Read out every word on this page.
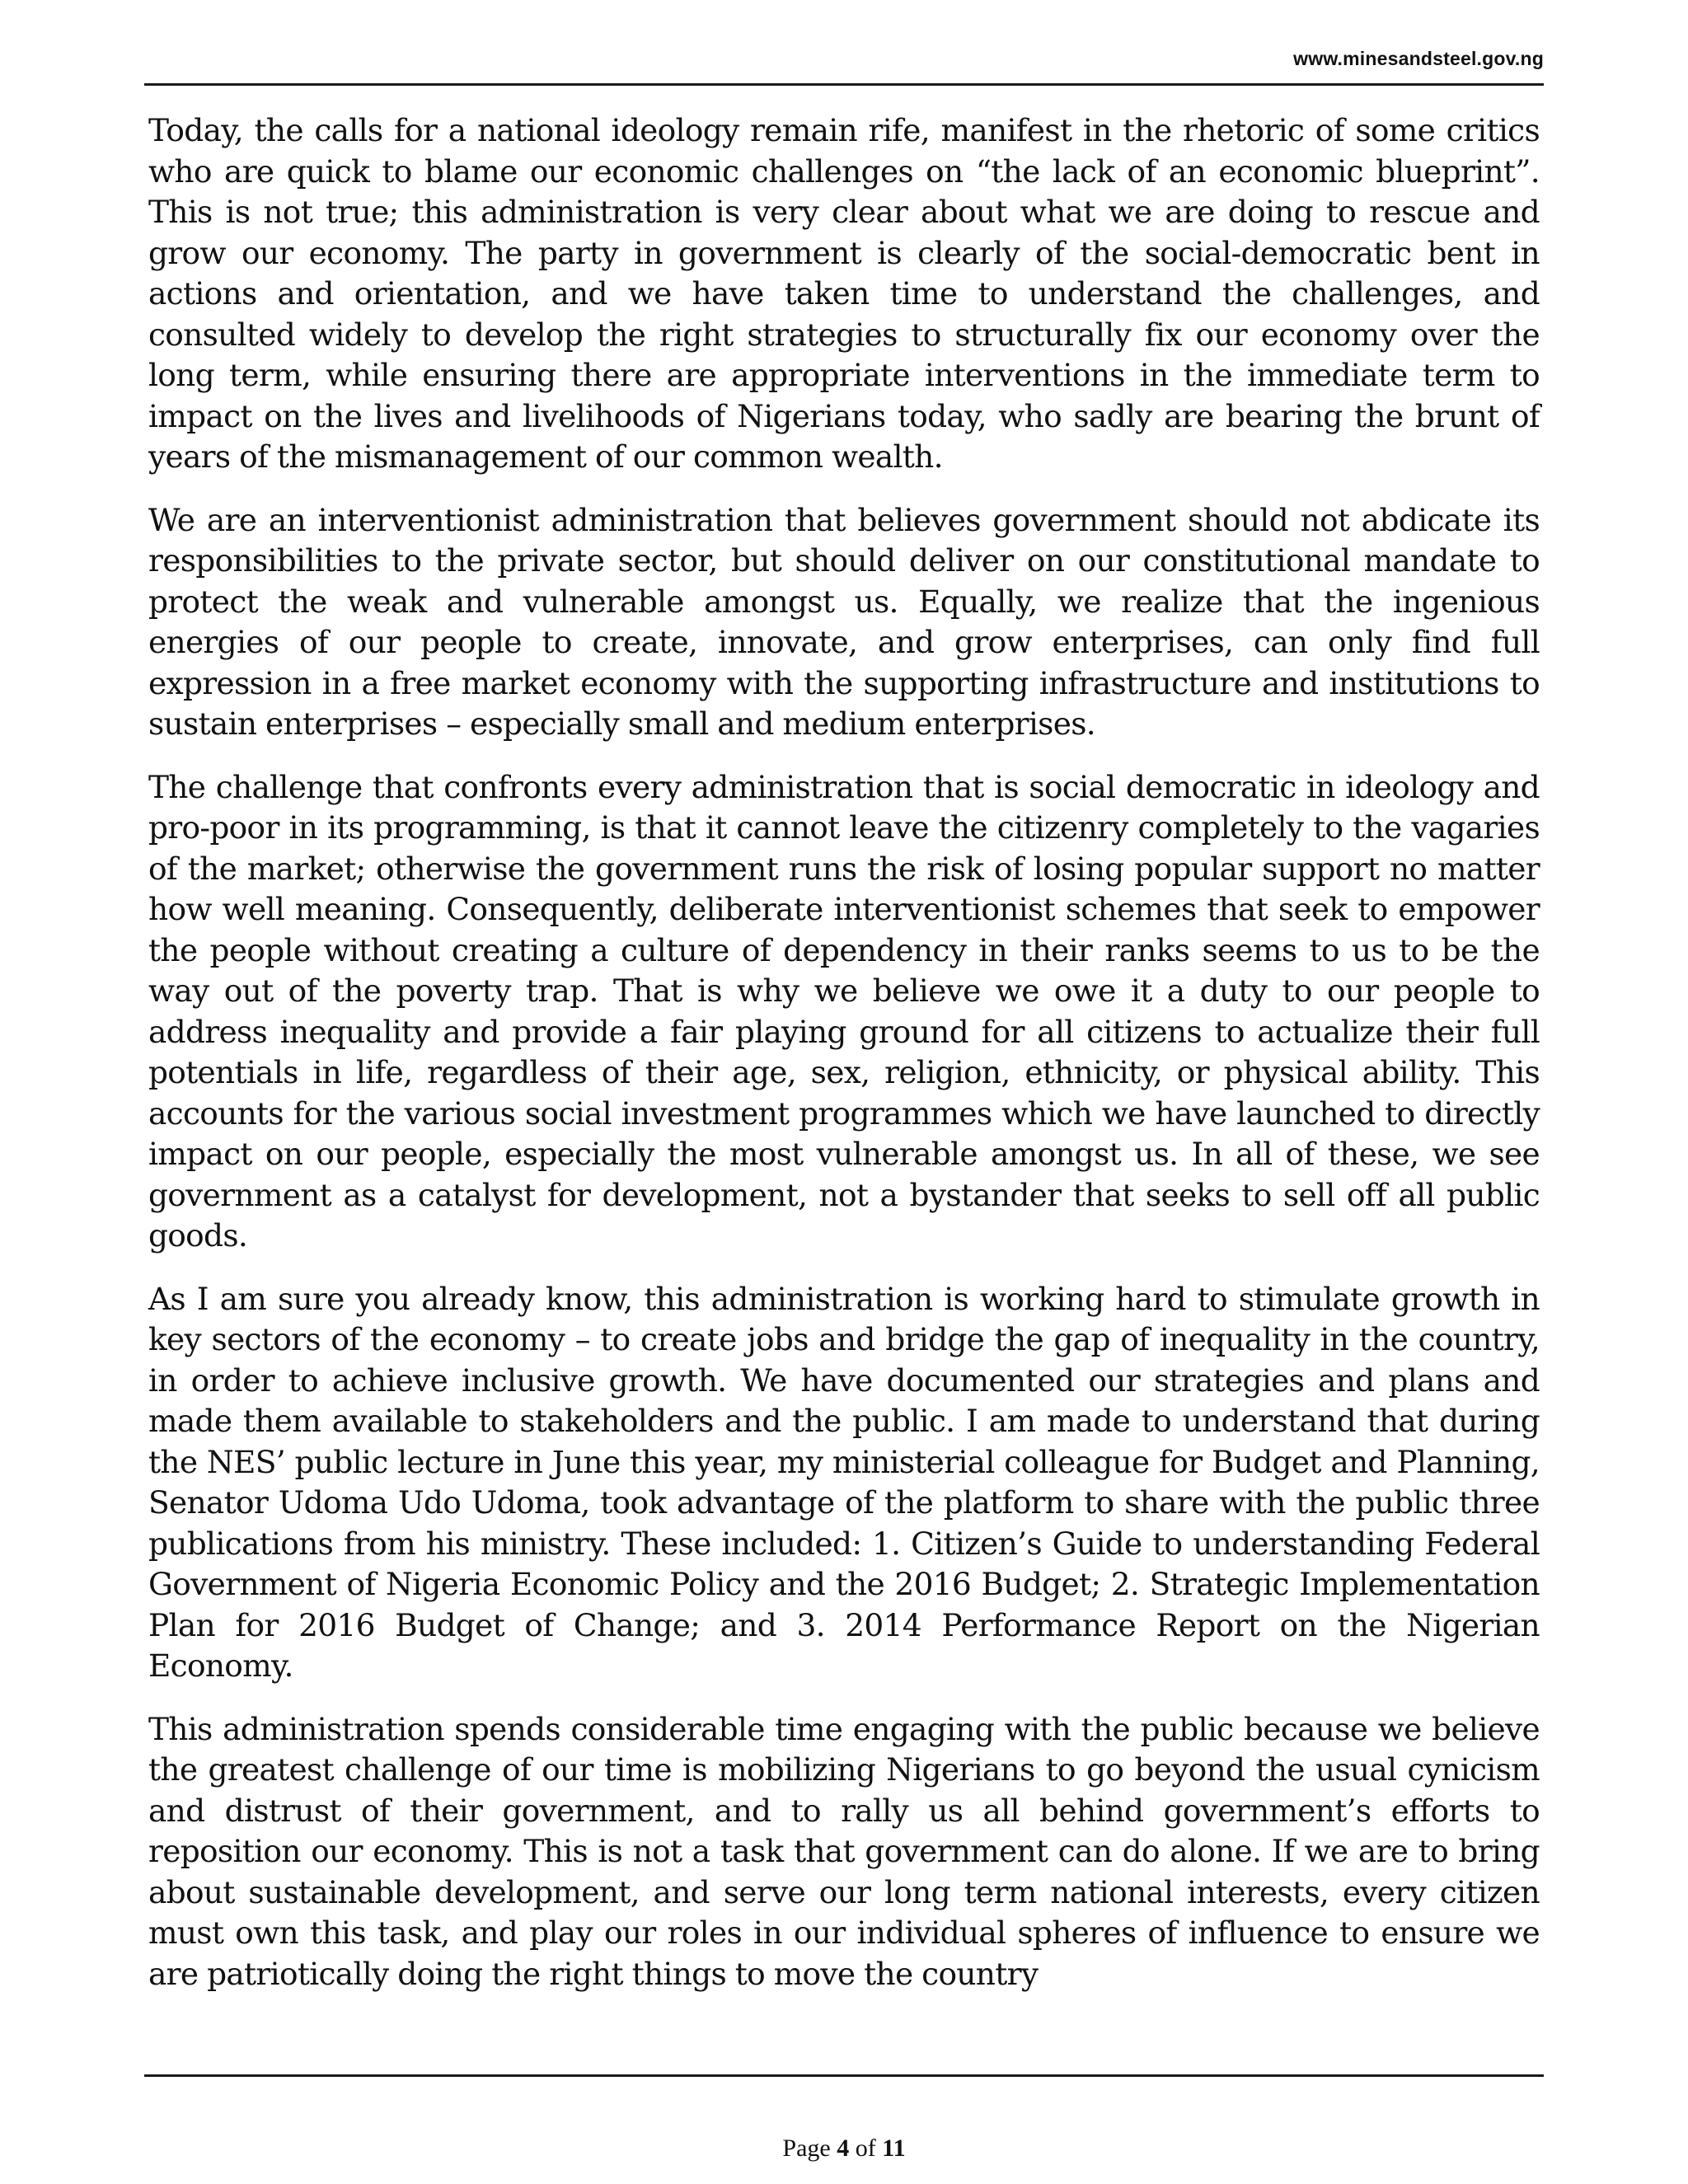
www.minesandsteel.gov.ng

Today, the calls for a national ideology remain rife, manifest in the rhetoric of some critics who are quick to blame our economic challenges on “the lack of an economic blueprint”. This is not true; this administration is very clear about what we are doing to rescue and grow our economy. The party in government is clearly of the social-democratic bent in actions and orientation, and we have taken time to understand the challenges, and consulted widely to develop the right strategies to structurally fix our economy over the long term, while ensuring there are appropriate interventions in the immediate term to impact on the lives and livelihoods of Nigerians today, who sadly are bearing the brunt of years of the mismanagement of our common wealth.

We are an interventionist administration that believes government should not abdicate its responsibilities to the private sector, but should deliver on our constitutional mandate to protect the weak and vulnerable amongst us. Equally, we realize that the ingenious energies of our people to create, innovate, and grow enterprises, can only find full expression in a free market economy with the supporting infrastructure and institutions to sustain enterprises – especially small and medium enterprises.

The challenge that confronts every administration that is social democratic in ideology and pro-poor in its programming, is that it cannot leave the citizenry completely to the vagaries of the market; otherwise the government runs the risk of losing popular support no matter how well meaning. Consequently, deliberate interventionist schemes that seek to empower the people without creating a culture of dependency in their ranks seems to us to be the way out of the poverty trap. That is why we believe we owe it a duty to our people to address inequality and provide a fair playing ground for all citizens to actualize their full potentials in life, regardless of their age, sex, religion, ethnicity, or physical ability. This accounts for the various social investment programmes which we have launched to directly impact on our people, especially the most vulnerable amongst us. In all of these, we see government as a catalyst for development, not a bystander that seeks to sell off all public goods.

As I am sure you already know, this administration is working hard to stimulate growth in key sectors of the economy – to create jobs and bridge the gap of inequality in the country, in order to achieve inclusive growth. We have documented our strategies and plans and made them available to stakeholders and the public. I am made to understand that during the NES’ public lecture in June this year, my ministerial colleague for Budget and Planning, Senator Udoma Udo Udoma, took advantage of the platform to share with the public three publications from his ministry. These included: 1. Citizen’s Guide to understanding Federal Government of Nigeria Economic Policy and the 2016 Budget; 2. Strategic Implementation Plan for 2016 Budget of Change; and 3. 2014 Performance Report on the Nigerian Economy.

This administration spends considerable time engaging with the public because we believe the greatest challenge of our time is mobilizing Nigerians to go beyond the usual cynicism and distrust of their government, and to rally us all behind government’s efforts to reposition our economy. This is not a task that government can do alone. If we are to bring about sustainable development, and serve our long term national interests, every citizen must own this task, and play our roles in our individual spheres of influence to ensure we are patriotically doing the right things to move the country

Page 4 of 11
